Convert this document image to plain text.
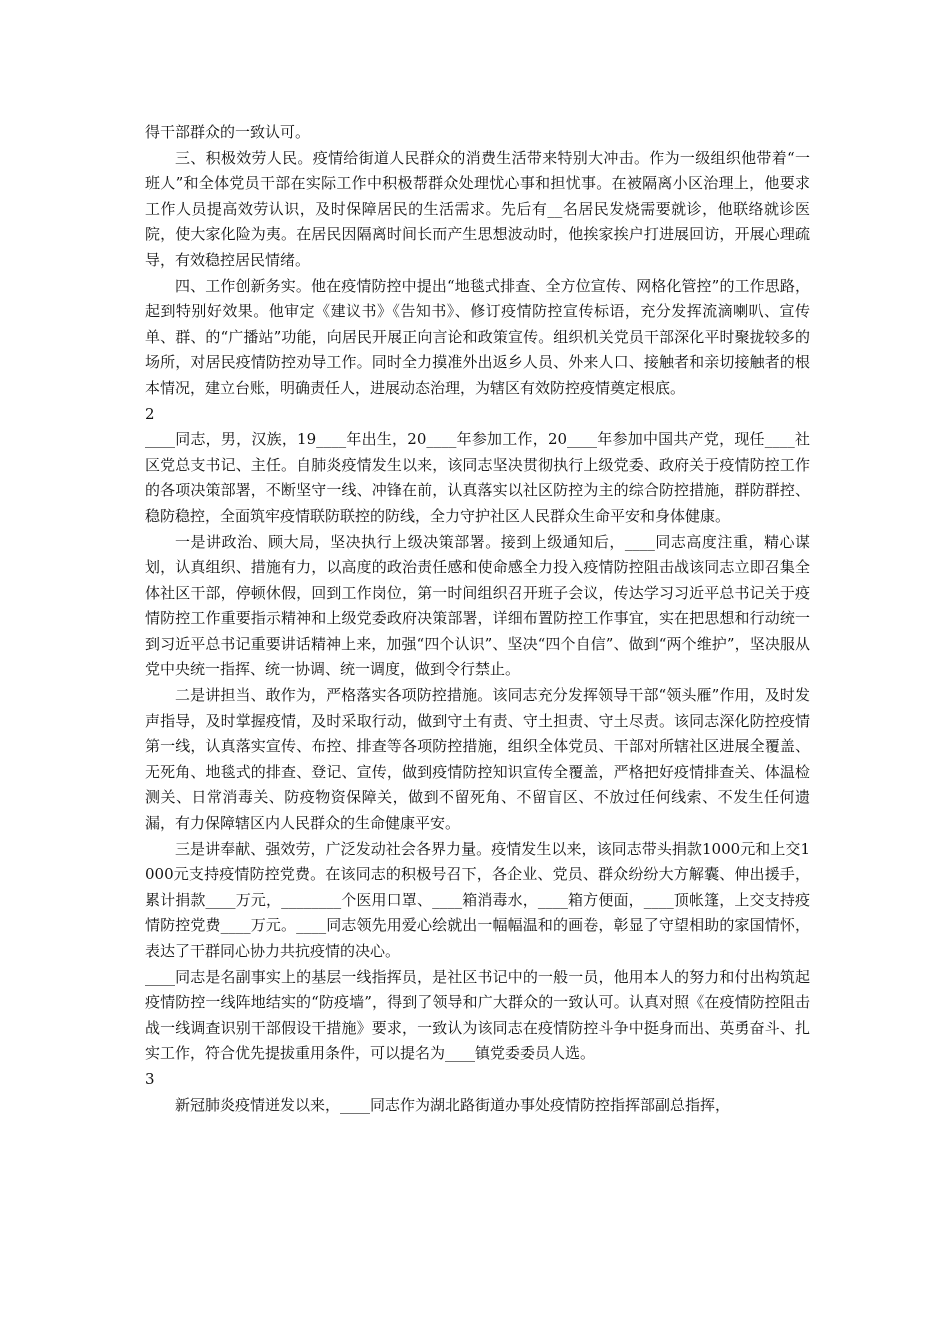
得干部群众的一致认可。

三、积极效劳人民。疫情给街道人民群众的消费生活带来特别大冲击。作为一级组织他带着“一班人”和全体党员干部在实际工作中积极帮群众处理忧心事和担忧事。在被隔离小区治理上，他要求工作人员提高效劳认识，及时保障居民的生活需求。先后有__名居民发烧需要就诊，他联络就诊医院，使大家化险为夷。在居民因隔离时间长而产生思想波动时，他挨家挨户打进展回访，开展心理疏导，有效稳控居民情绪。

四、工作创新务实。他在疫情防控中提出“地毯式排查、全方位宣传、网格化管控”的工作思路，起到特别好效果。他审定《建议书》《告知书》、修订疫情防控宣传标语，充分发挥流滴喇叭、宣传单、群、的“广播站”功能，向居民开展正向言论和政策宣传。组织机关党员干部深化平时聚拢较多的场所，对居民疫情防控劝导工作。同时全力摸准外出返乡人员、外来人口、接触者和亲切接触者的根本情况，建立台账，明确责任人，进展动态治理，为辖区有效防控疫情奠定根底。

2

____同志，男，汉族，19____年出生，20____年参加工作，20____年参加中国共产党，现任____社区党总支书记、主任。自肺炎疫情发生以来，该同志坚决贯彻执行上级党委、政府关于疫情防控工作的各项决策部署，不断坚守一线、冲锋在前，认真落实以社区防控为主的综合防控措施，群防群控、稳防稳控，全面筑牢疫情联防联控的防线，全力守护社区人民群众生命平安和身体健康。

一是讲政治、顾大局，坚决执行上级决策部署。接到上级通知后，____同志高度注重，精心谋划，认真组织、措施有力，以高度的政治责任感和使命感全力投入疫情防控阻击战该同志立即召集全体社区干部，停顿休假，回到工作岗位，第一时间组织召开班子会议，传达学习习近平总书记关于疫情防控工作重要指示精神和上级党委政府决策部署，详细布置防控工作事宜，实在把思想和行动统一到习近平总书记重要讲话精神上来，加强“四个认识”、坚决“四个自信”、做到“两个维护”，坚决服从党中央统一指挥、统一协调、统一调度，做到令行禁止。

二是讲担当、敢作为，严格落实各项防控措施。该同志充分发挥领导干部“领头雁”作用，及时发声指导，及时掌握疫情，及时采取行动，做到守土有责、守土担责、守土尽责。该同志深化防控疫情第一线，认真落实宣传、布控、排查等各项防控措施，组织全体党员、干部对所辖社区进展全覆盖、无死角、地毯式的排查、登记、宣传，做到疫情防控知识宣传全覆盖，严格把好疫情排查关、体温检测关、日常消毒关、防疫物资保障关，做到不留死角、不留盲区、不放过任何线索、不发生任何遗漏，有力保障辖区内人民群众的生命健康平安。

三是讲奉献、强效劳，广泛发动社会各界力量。疫情发生以来，该同志带头捐款1000元和上交1000元支持疫情防控党费。在该同志的积极号召下，各企业、党员、群众纷纷大方解囊、伸出援手，累计捐款____万元，________个医用口罩、____箱消毒水，____箱方便面，____顶帐篷，上交支持疫情防控党费____万元。____同志领先用爱心绘就出一幅幅温和的画卷，彰显了守望相助的家国情怀，表达了干群同心协力共抗疫情的决心。

____同志是名副事实上的基层一线指挥员，是社区书记中的一般一员，他用本人的努力和付出构筑起疫情防控一线阵地结实的“防疫墙”，得到了领导和广大群众的一致认可。认真对照《在疫情防控阻击战一线调查识别干部假设干措施》要求，一致认为该同志在疫情防控斗争中挺身而出、英勇奋斗、扎实工作，符合优先提拔重用条件，可以提名为____镇党委委员人选。

3

新冠肺炎疫情迸发以来，____同志作为湖北路街道办事处疫情防控指挥部副总指挥，
